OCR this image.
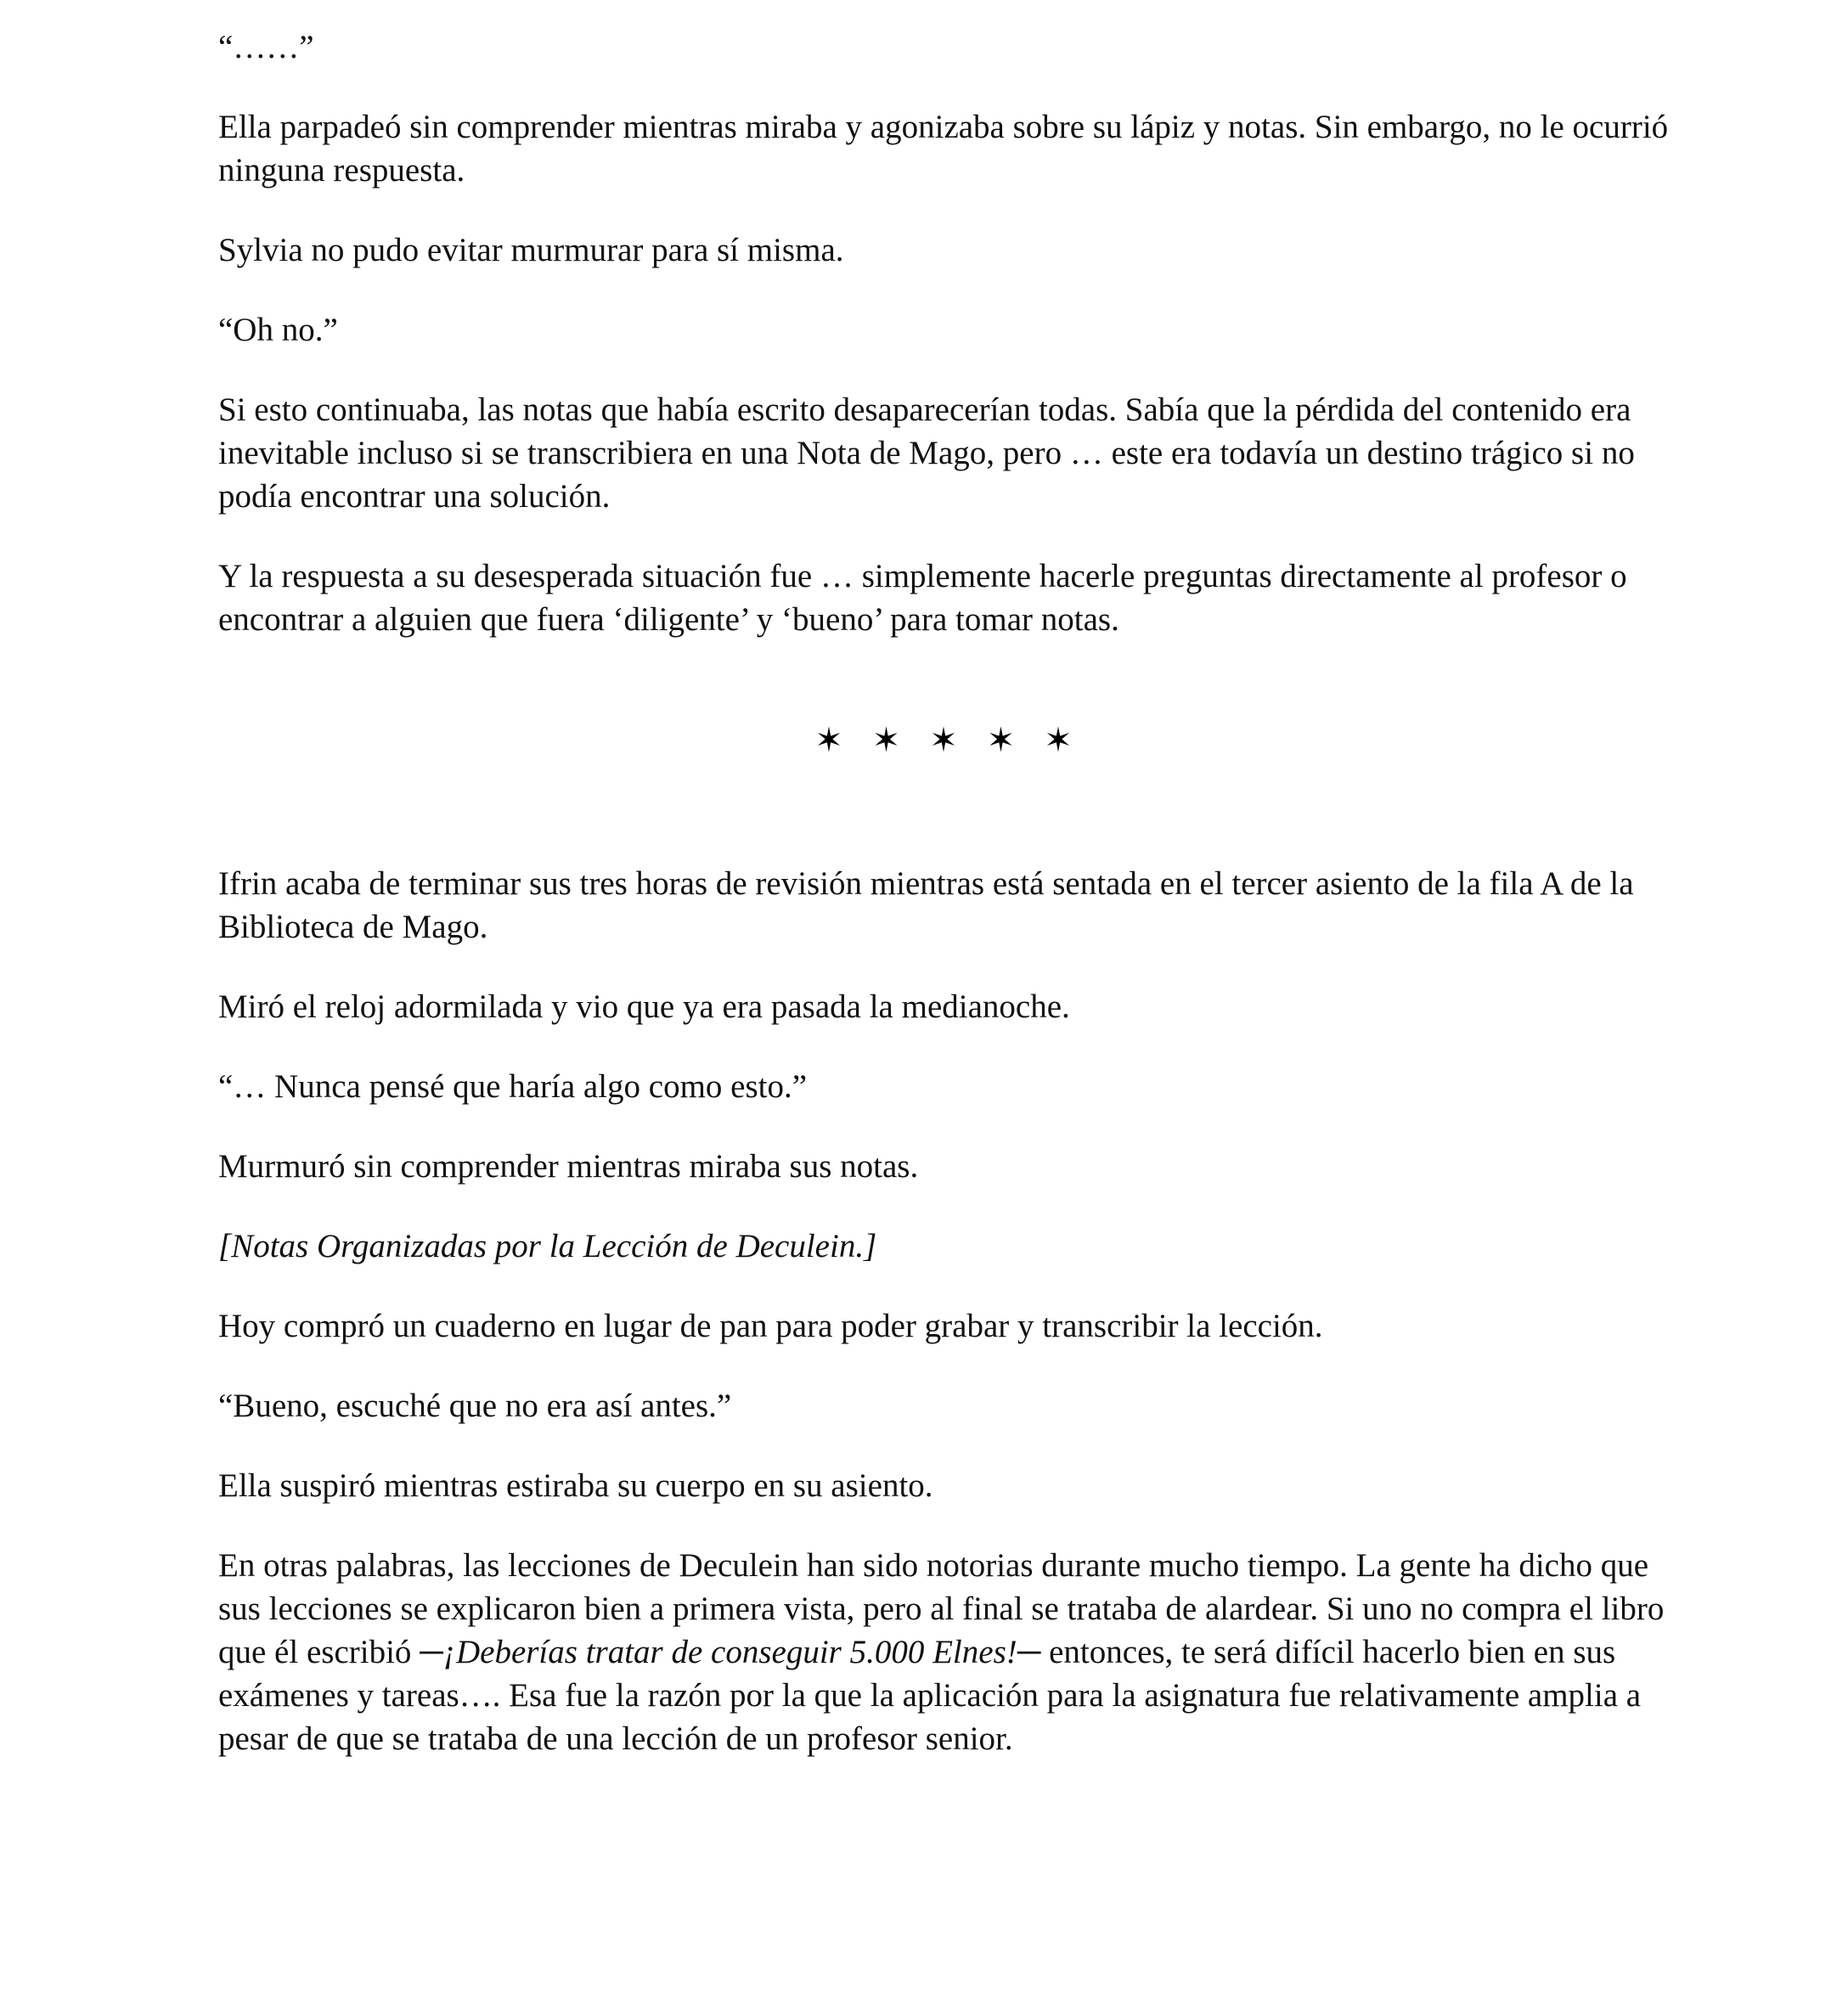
“……”

Ella parpadeó sin comprender mientras miraba y agonizaba sobre su lápiz y notas. Sin embargo, no le ocurrió ninguna respuesta.

Sylvia no pudo evitar murmurar para sí misma.

“Oh no.”

Si esto continuaba, las notas que había escrito desaparecerían todas. Sabía que la pérdida del contenido era inevitable incluso si se transcribiera en una Nota de Mago, pero … este era todavía un destino trágico si no podía encontrar una solución.

Y la respuesta a su desesperada situación fue … simplemente hacerle preguntas directamente al profesor o encontrar a alguien que fuera ‘diligente’ y ‘bueno’ para tomar notas.

✶ ✶ ✶ ✶ ✶

Ifrin acaba de terminar sus tres horas de revisión mientras está sentada en el tercer asiento de la fila A de la Biblioteca de Mago.

Miró el reloj adormilada y vio que ya era pasada la medianoche.

“… Nunca pensé que haría algo como esto.”

Murmuró sin comprender mientras miraba sus notas.

[Notas Organizadas por la Lección de Deculein.]

Hoy compró un cuaderno en lugar de pan para poder grabar y transcribir la lección.

“Bueno, escuché que no era así antes.”

Ella suspiró mientras estiraba su cuerpo en su asiento.

En otras palabras, las lecciones de Deculein han sido notorias durante mucho tiempo. La gente ha dicho que sus lecciones se explicaron bien a primera vista, pero al final se trataba de alardear. Si uno no compra el libro que él escribió ─¡Deberías tratar de conseguir 5.000 Elnes!─ entonces, te será difícil hacerlo bien en sus exámenes y tareas…. Esa fue la razón por la que la aplicación para la asignatura fue relativamente amplia a pesar de que se trataba de una lección de un profesor senior.
